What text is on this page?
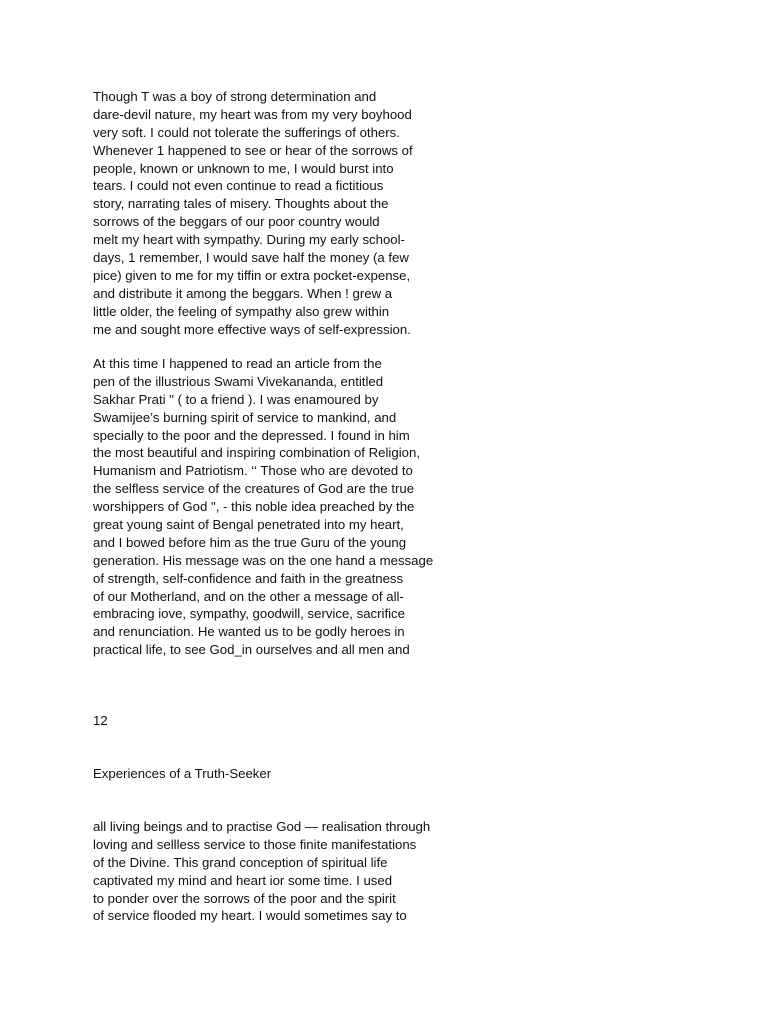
Though T was a boy of strong determination and
dare-devil nature, my heart was from my very boyhood
very soft. I could not tolerate the sufferings of others.
Whenever 1 happened to see or hear of the sorrows of
people, known or unknown to me, I would burst into
tears. I could not even continue to read a fictitious
story, narrating tales of misery. Thoughts about the
sorrows of the beggars of our poor country would
melt my heart with sympathy. During my early school-
days, 1 remember, I would save half the money (a few
pice) given to me for my tiffin or extra pocket-expense,
and distribute it among the beggars. When ! grew a
little older, the feeling of sympathy also grew within
me and sought more effective ways of self-expression.
At this time I happened to read an article from the
pen of the illustrious Swami Vivekananda, entitled
Sakhar Prati " ( to a friend ). I was enamoured by
Swamijee’s burning spirit of service to mankind, and
specially to the poor and the depressed. I found in him
the most beautiful and inspiring combination of Religion,
Humanism and Patriotism. ‘‘ Those who are devoted to
the selfless service of the creatures of God are the true
worshippers of God ", - this noble idea preached by the
great young saint of Bengal penetrated into my heart,
and I bowed before him as the true Guru of the young
generation. His message was on the one hand a message
of strength, self-confidence and faith in the greatness
of our Motherland, and on the other a message of all-
embracing iove, sympathy, goodwill, service, sacrifice
and renunciation. He wanted us to be godly heroes in
practical life, to see God_in ourselves and all men and
12
Experiences of a Truth-Seeker
all living beings and to practise God — realisation through
loving and sellless service to those finite manifestations
of the Divine. This grand conception of spiritual life
captivated my mind and heart ior some time. I used
to ponder over the sorrows of the poor and the spirit
of service flooded my heart. I would sometimes say to
